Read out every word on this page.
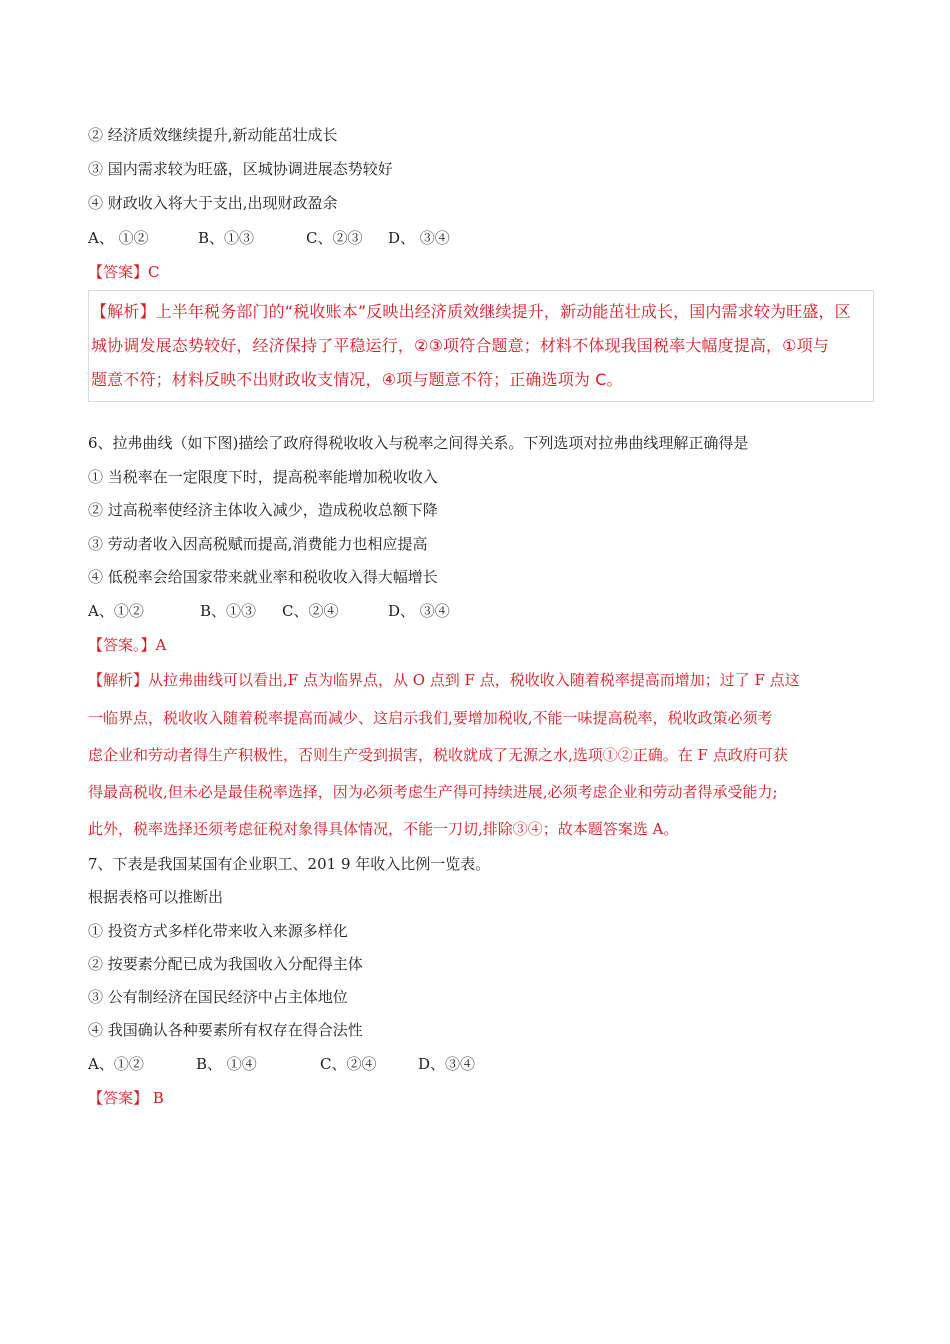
② 经济质效继续提升,新动能茁壮成长
③ 国内需求较为旺盛，区城协调进展态势较好
④ 财政收入将大于支出,出现财政盈余
A、 ①②	B、①③	C、②③ D、 ③④
【答案】C
【解析】上半年税务部门的“税收账本”反映出经济质效继续提升，新动能茁壮成长，国内需求较为旺盛，区
城协调发展态势较好，经济保持了平稳运行，②③项符合题意；材料不体现我国税率大幅度提高，①项与
题意不符；材料反映不出财政收支情况，④项与题意不符；正确选项为 C。
6、拉弗曲线（如下图)描绘了政府得税收收入与税率之间得关系。下列选项对拉弗曲线理解正确得是
① 当税率在一定限度下时，提高税率能增加税收收入
② 过高税率使经济主体收入减少，造成税收总额下降
③ 劳动者收入因高税赋而提高,消费能力也相应提高
④ 低税率会给国家带来就业率和税收收入得大幅增长
A、①②	B、①③ C、②④	D、 ③④
【答案。】A
【解析】从拉弗曲线可以看出,F 点为临界点，从 O 点到 F 点，税收收入随着税率提高而增加；过了 F 点这
一临界点，税收收入随着税率提高而减少、这启示我们,要增加税收,不能一味提高税率，税收政策必须考
虑企业和劳动者得生产积极性，否则生产受到损害，税收就成了无源之水,选项①②正确。在 F 点政府可获
得最高税收,但未必是最佳税率选择，因为必须考虑生产得可持续进展,必须考虑企业和劳动者得承受能力;
此外，税率选择还须考虑征税对象得具体情况，不能一刀切,排除③④；故本题答案选 A。
7、下表是我国某国有企业职工、201 9 年收入比例一览表。
根据表格可以推断出
① 投资方式多样化带来收入来源多样化
② 按要素分配已成为我国收入分配得主体
③ 公有制经济在国民经济中占主体地位
④ 我国确认各种要素所有权存在得合法性
A、①②	B、 ①④	C、②④	D、③④
【答案】 B
